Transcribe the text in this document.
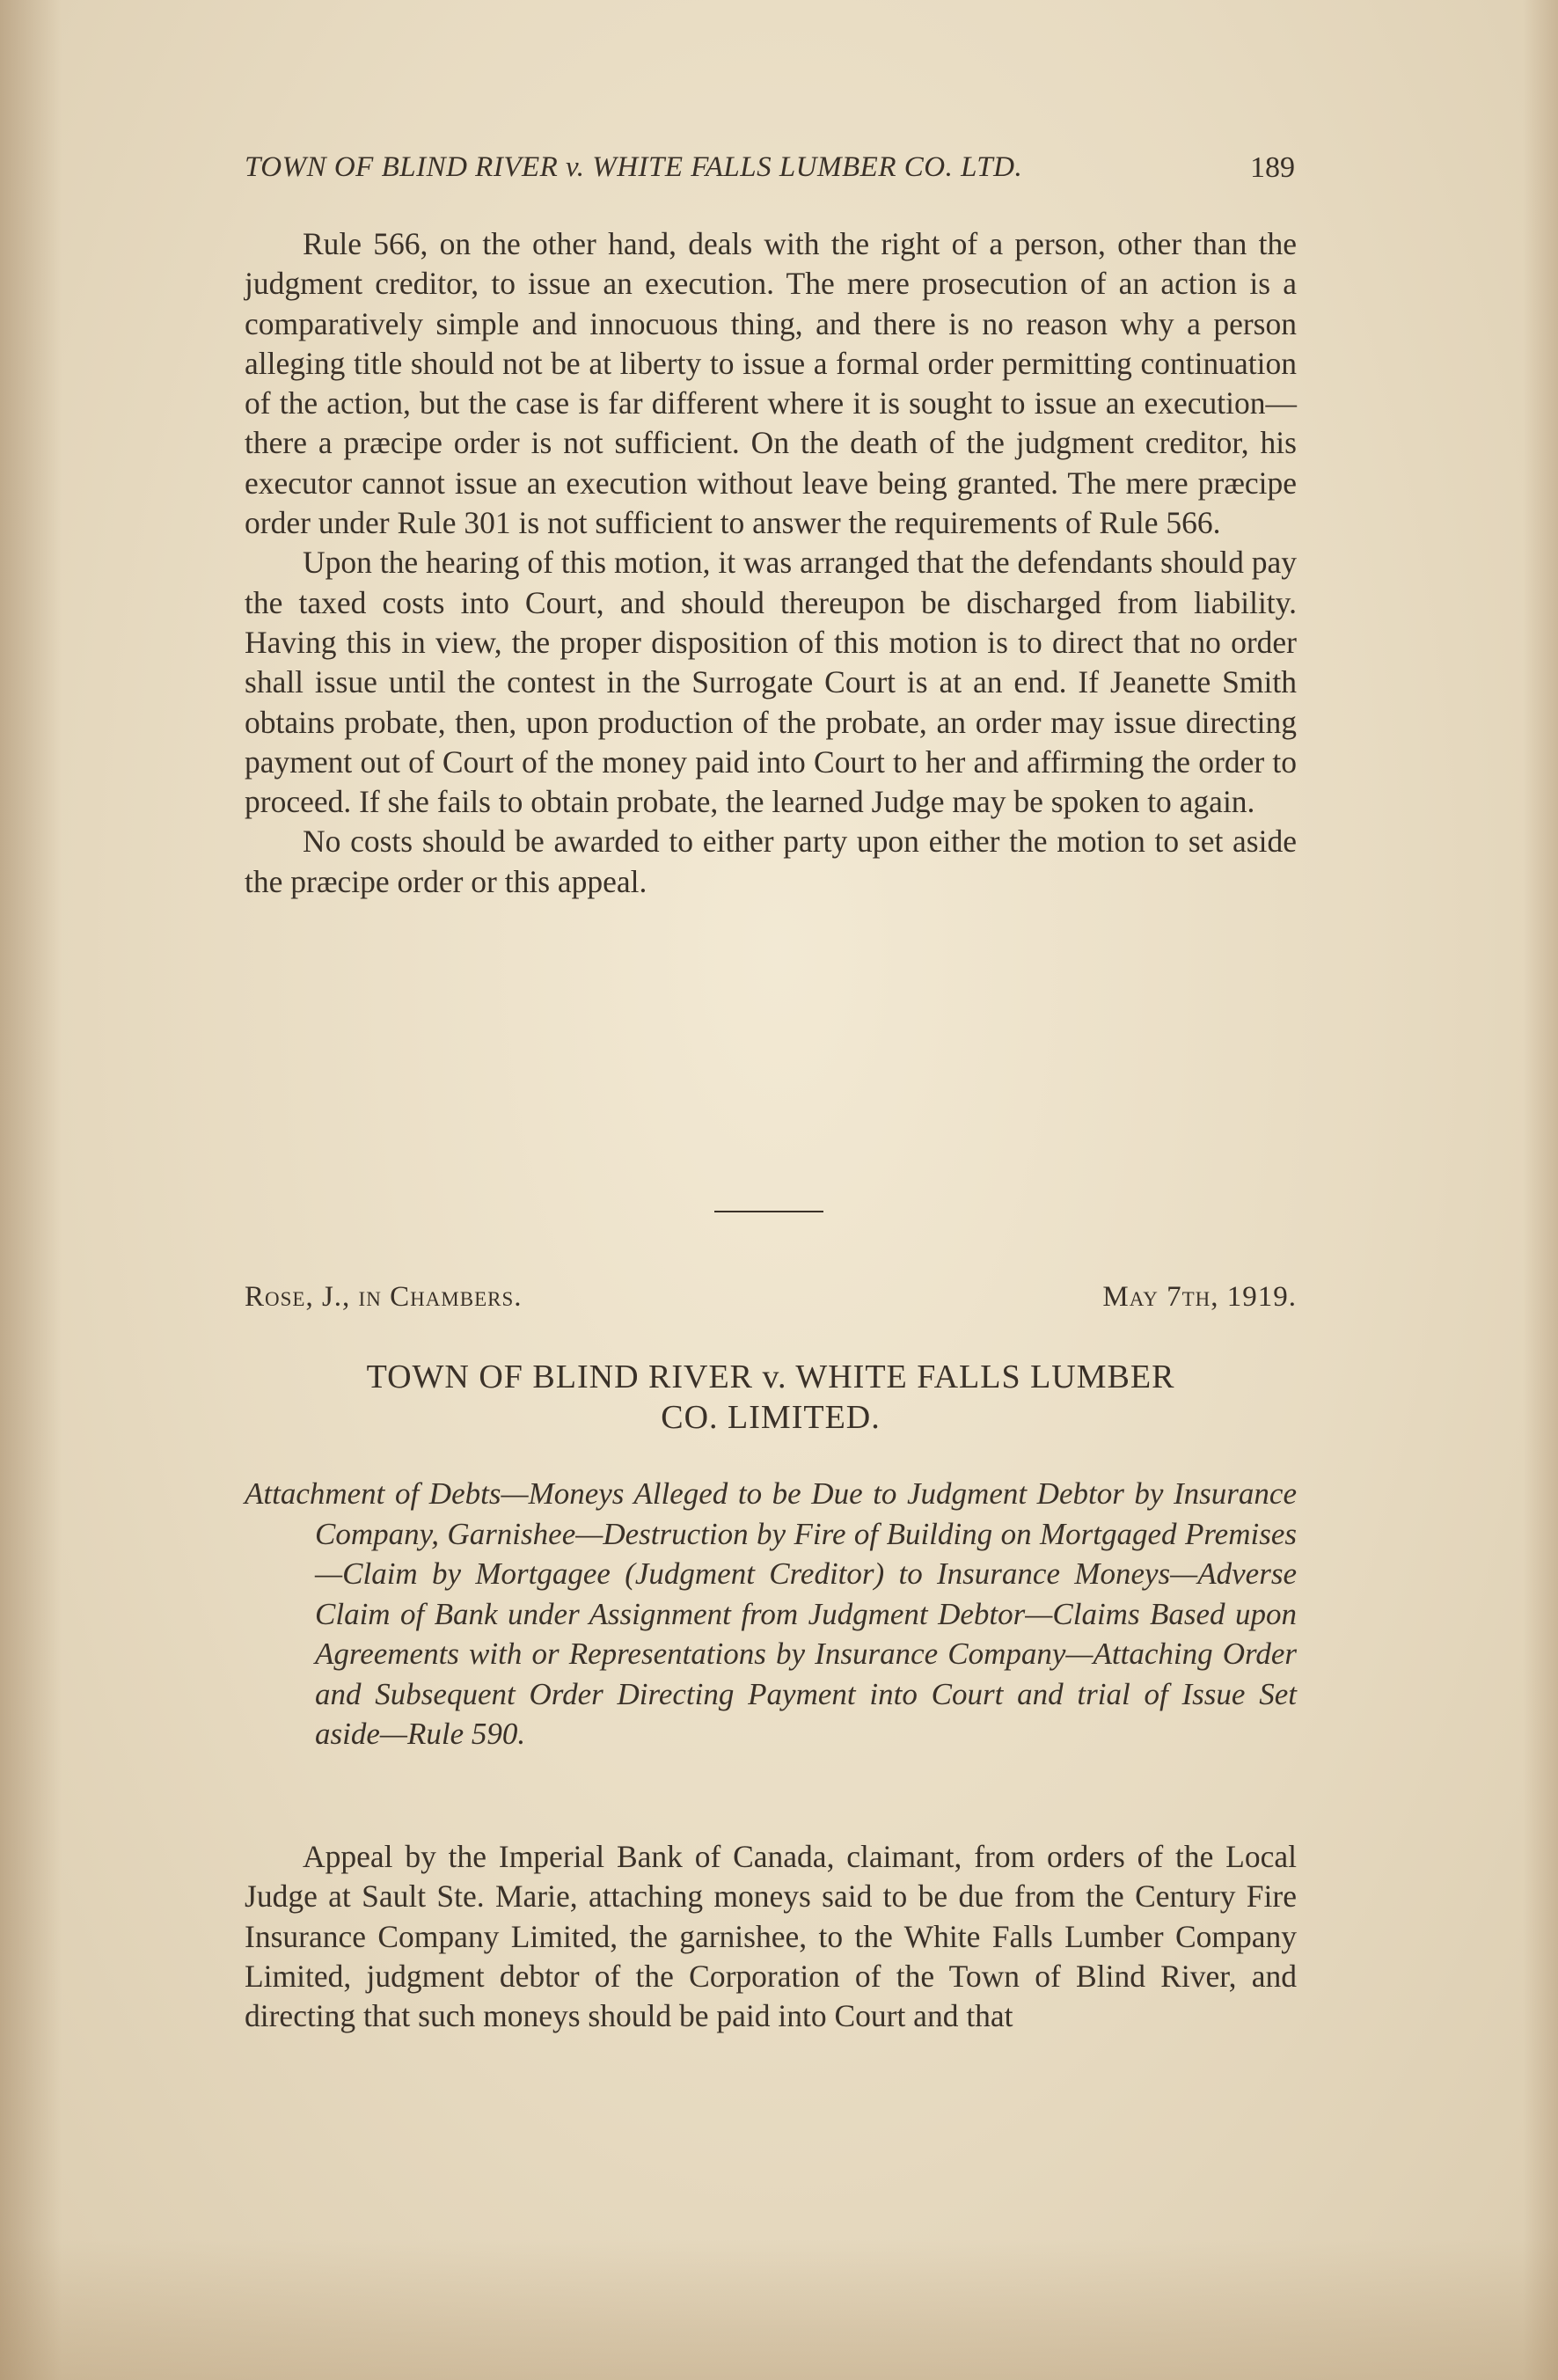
TOWN OF BLIND RIVER v. WHITE FALLS LUMBER CO. LTD.	189

Rule 566, on the other hand, deals with the right of a person, other than the judgment creditor, to issue an execution. The mere prosecution of an action is a comparatively simple and innocuous thing, and there is no reason why a person alleging title should not be at liberty to issue a formal order permitting continuation of the action, but the case is far different where it is sought to issue an execution—there a præcipe order is not sufficient. On the death of the judgment creditor, his executor cannot issue an execution without leave being granted. The mere præcipe order under Rule 301 is not sufficient to answer the requirements of Rule 566.

Upon the hearing of this motion, it was arranged that the defendants should pay the taxed costs into Court, and should thereupon be discharged from liability. Having this in view, the proper disposition of this motion is to direct that no order shall issue until the contest in the Surrogate Court is at an end. If Jeanette Smith obtains probate, then, upon production of the probate, an order may issue directing payment out of Court of the money paid into Court to her and affirming the order to proceed. If she fails to obtain probate, the learned Judge may be spoken to again.

No costs should be awarded to either party upon either the motion to set aside the præcipe order or this appeal.

Rose, J., in Chambers.	May 7th, 1919.
TOWN OF BLIND RIVER v. WHITE FALLS LUMBER
CO. LIMITED.
Attachment of Debts—Moneys Alleged to be Due to Judgment Debtor by Insurance Company, Garnishee—Destruction by Fire of Building on Mortgaged Premises—Claim by Mortgagee (Judgment Creditor) to Insurance Moneys—Adverse Claim of Bank under Assignment from Judgment Debtor—Claims Based upon Agreements with or Representations by Insurance Company—Attaching Order and Subsequent Order Directing Payment into Court and trial of Issue Set aside—Rule 590.

Appeal by the Imperial Bank of Canada, claimant, from orders of the Local Judge at Sault Ste. Marie, attaching moneys said to be due from the Century Fire Insurance Company Limited, the garnishee, to the White Falls Lumber Company Limited, judgment debtor of the Corporation of the Town of Blind River, and directing that such moneys should be paid into Court and that
